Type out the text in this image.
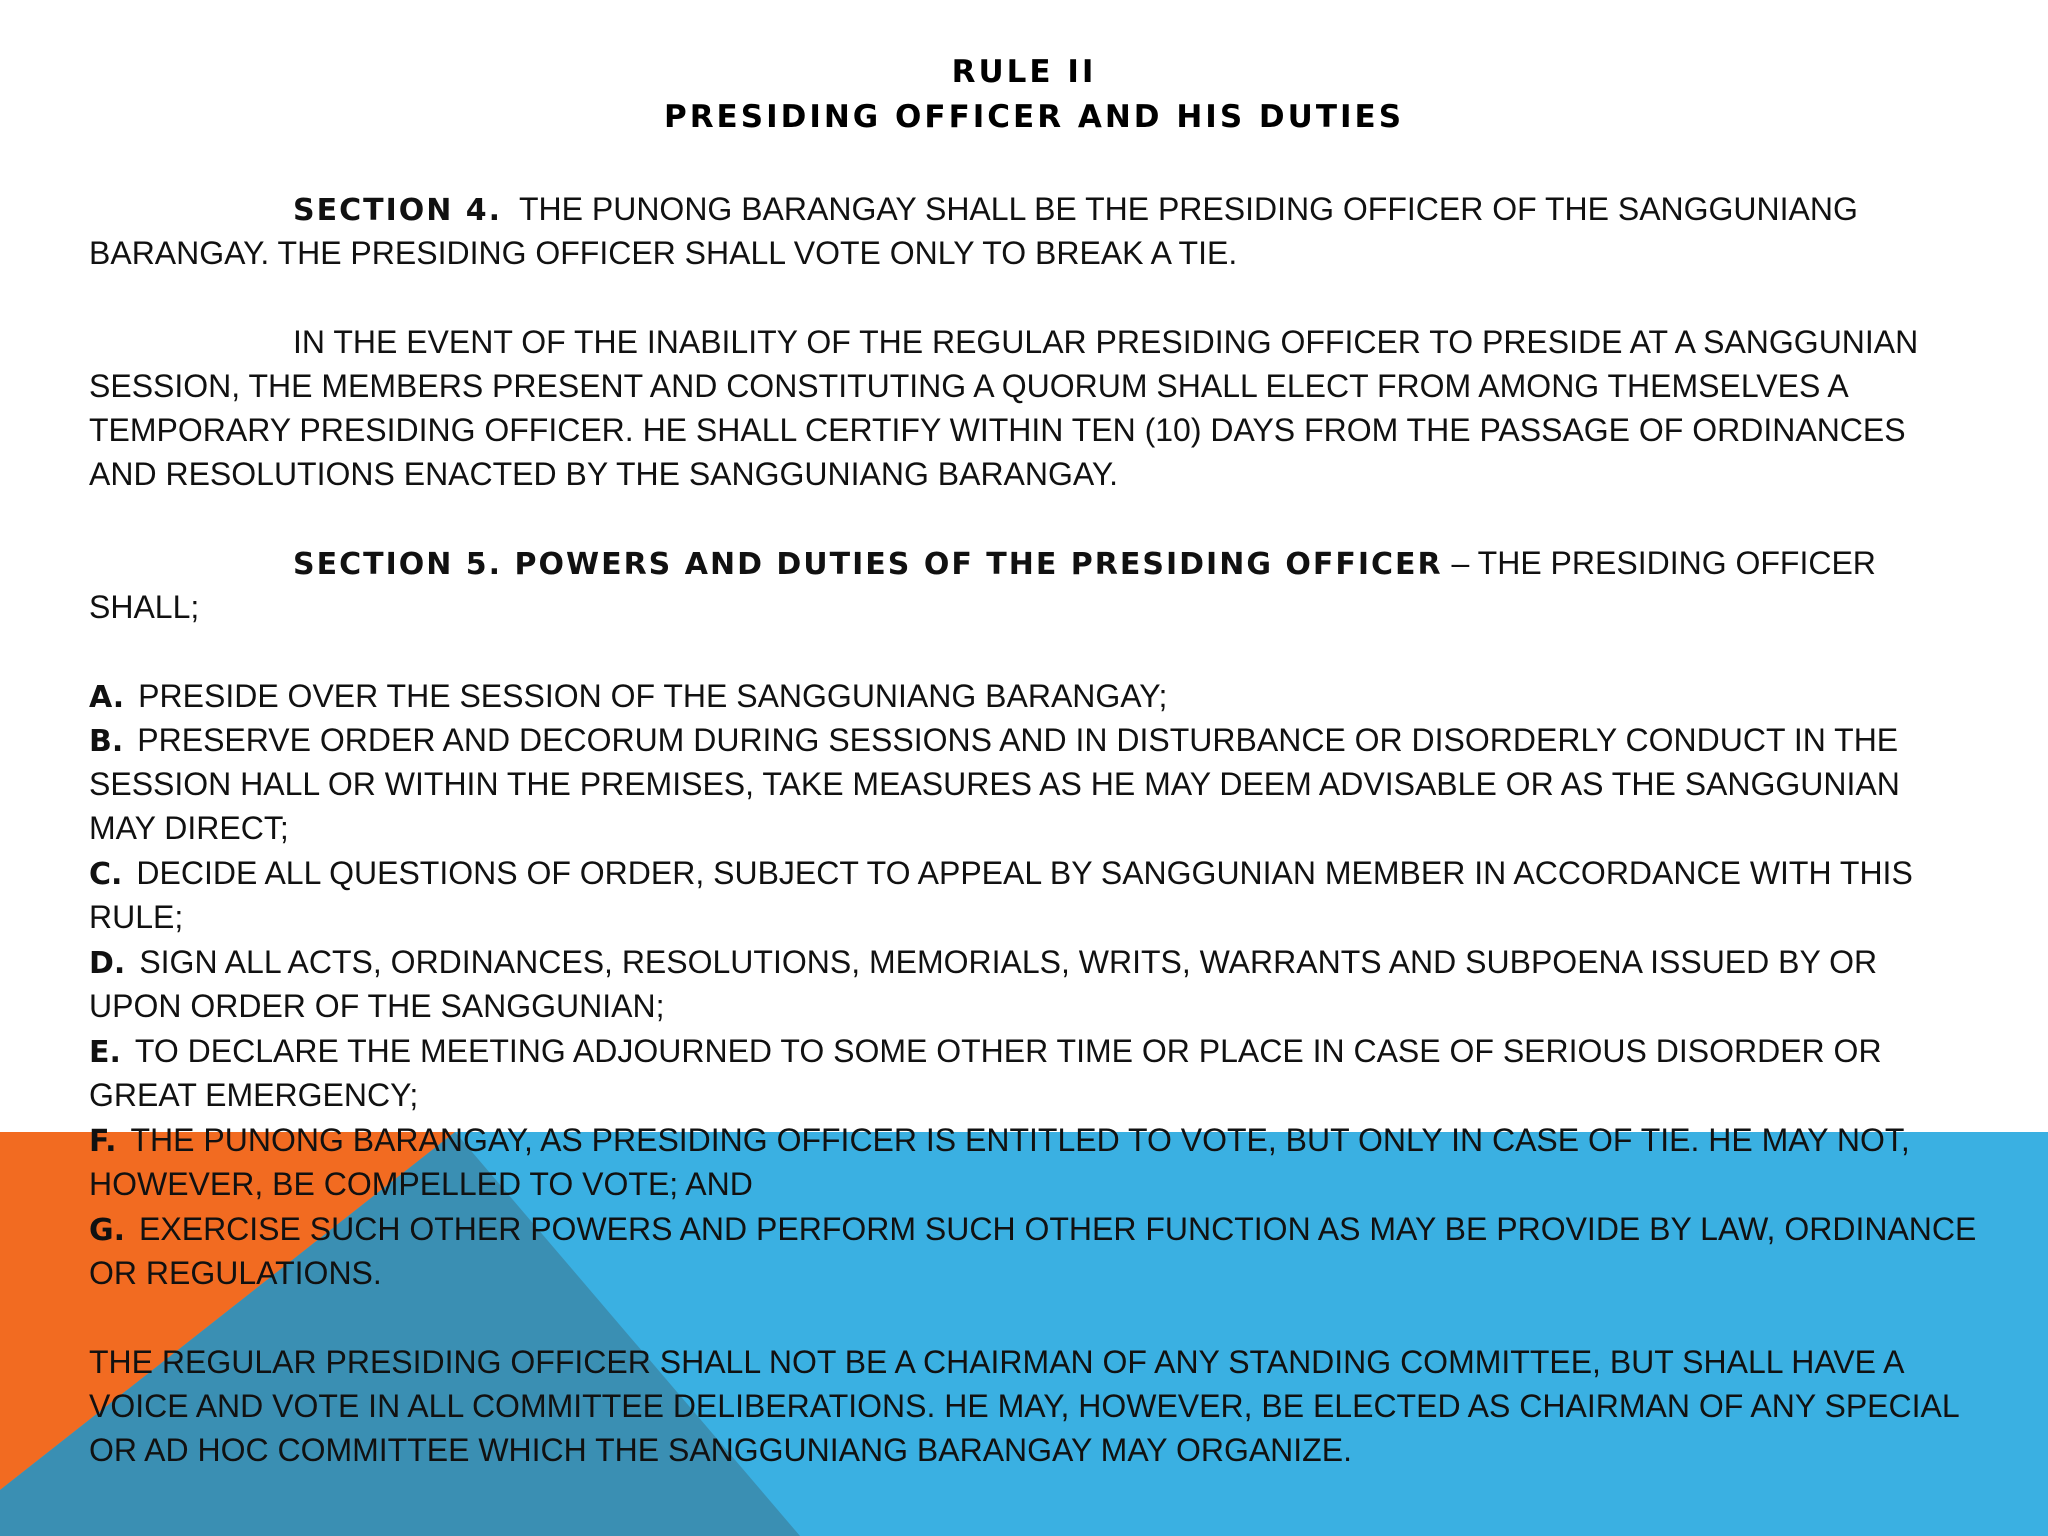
RULE II
PRESIDING OFFICER AND HIS DUTIES
SECTION 4. THE PUNONG BARANGAY SHALL BE THE PRESIDING OFFICER OF THE SANGGUNIANG
BARANGAY. THE PRESIDING OFFICER SHALL VOTE ONLY TO BREAK A TIE.
IN THE EVENT OF THE INABILITY OF THE REGULAR PRESIDING OFFICER TO PRESIDE AT A SANGGUNIAN
SESSION, THE MEMBERS PRESENT AND CONSTITUTING A QUORUM SHALL ELECT FROM AMONG THEMSELVES A
TEMPORARY PRESIDING OFFICER. HE SHALL CERTIFY WITHIN TEN (10) DAYS FROM THE PASSAGE OF ORDINANCES
AND RESOLUTIONS ENACTED BY THE SANGGUNIANG BARANGAY.
SECTION 5. POWERS AND DUTIES OF THE PRESIDING OFFICER – THE PRESIDING OFFICER
SHALL;
A. PRESIDE OVER THE SESSION OF THE SANGGUNIANG BARANGAY;
B. PRESERVE ORDER AND DECORUM DURING SESSIONS AND IN DISTURBANCE OR DISORDERLY CONDUCT IN THE
SESSION HALL OR WITHIN THE PREMISES, TAKE MEASURES AS HE MAY DEEM ADVISABLE OR AS THE SANGGUNIAN
MAY DIRECT;
C. DECIDE ALL QUESTIONS OF ORDER, SUBJECT TO APPEAL BY SANGGUNIAN MEMBER IN ACCORDANCE WITH THIS
RULE;
D. SIGN ALL ACTS, ORDINANCES, RESOLUTIONS, MEMORIALS, WRITS, WARRANTS AND SUBPOENA ISSUED BY OR
UPON ORDER OF THE SANGGUNIAN;
E. TO DECLARE THE MEETING ADJOURNED TO SOME OTHER TIME OR PLACE IN CASE OF SERIOUS DISORDER OR
GREAT EMERGENCY;
F. THE PUNONG BARANGAY, AS PRESIDING OFFICER IS ENTITLED TO VOTE, BUT ONLY IN CASE OF TIE. HE MAY NOT,
HOWEVER, BE COMPELLED TO VOTE; AND
G. EXERCISE SUCH OTHER POWERS AND PERFORM SUCH OTHER FUNCTION AS MAY BE PROVIDE BY LAW, ORDINANCE
OR REGULATIONS.
THE REGULAR PRESIDING OFFICER SHALL NOT BE A CHAIRMAN OF ANY STANDING COMMITTEE, BUT SHALL HAVE A
VOICE AND VOTE IN ALL COMMITTEE DELIBERATIONS. HE MAY, HOWEVER, BE ELECTED AS CHAIRMAN OF ANY SPECIAL
OR AD HOC COMMITTEE WHICH THE SANGGUNIANG BARANGAY MAY ORGANIZE.
